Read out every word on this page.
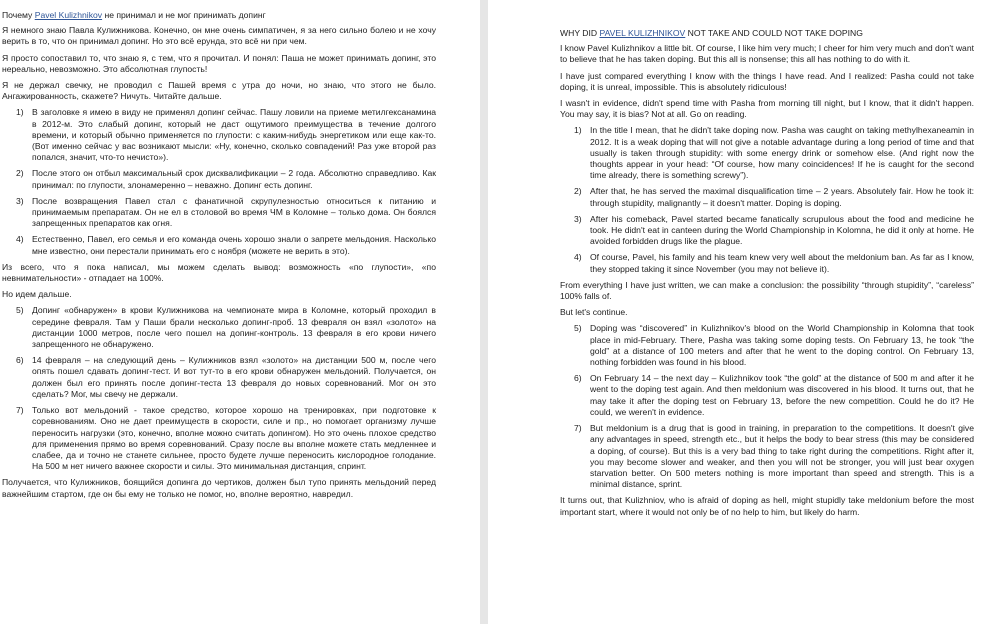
Почему Pavel Kulizhnikov не принимал и не мог принимать допинг

Я немного знаю Павла Кулижникова. Конечно, он мне очень симпатичен, я за него сильно болею и не хочу верить в то, что он принимал допинг. Но это всё ерунда, это всё ни при чем.

Я просто сопоставил то, что знаю я, с тем, что я прочитал. И понял: Паша не может принимать допинг, это нереально, невозможно. Это абсолютная глупость!

Я не держал свечку, не проводил с Пашей время с утра до ночи, но знаю, что этого не было. Ангажированность, скажете? Ничуть. Читайте дальше.

1) В заголовке я имею в виду не применял допинг сейчас. Пашу ловили на приеме метилгексанамина в 2012-м. Это слабый допинг, который не даст ощутимого преимущества в течение долгого времени, и который обычно применяется по глупости: с каким-нибудь энергетиком или еще как-то. (Вот именно сейчас у вас возникают мысли: «Ну, конечно, сколько совпадений! Раз уже второй раз попался, значит, что-то нечисто»).
2) После этого он отбыл максимальный срок дисквалификации – 2 года. Абсолютно справедливо. Как принимал: по глупости, злонамеренно – неважно. Допинг есть допинг.
3) После возвращения Павел стал с фанатичной скрупулезностью относиться к питанию и принимаемым препаратам. Он не ел в столовой во время ЧМ в Коломне – только дома. Он боялся запрещенных препаратов как огня.
4) Естественно, Павел, его семья и его команда очень хорошо знали о запрете мельдония. Насколько мне известно, они перестали принимать его с ноября (можете не верить в это).

Из всего, что я пока написал, мы можем сделать вывод: возможность «по глупости», «по невнимательности» - отпадает на 100%.

Но идем дальше.

5) Допинг «обнаружен» в крови Кулижникова на чемпионате мира в Коломне, который проходил в середине февраля. Там у Паши брали несколько допинг-проб. 13 февраля он взял «золото» на дистанции 1000 метров, после чего пошел на допинг-контроль. 13 февраля в его крови ничего запрещенного не обнаружено.
6) 14 февраля – на следующий день – Кулижников взял «золото» на дистанции 500 м, после чего опять пошел сдавать допинг-тест. И вот тут-то в его крови обнаружен мельдоний. Получается, он должен был его принять после допинг-теста 13 февраля до новых соревнований. Мог он это сделать? Мог, мы свечу не держали.
7) Только вот мельдоний - такое средство, которое хорошо на тренировках, при подготовке к соревнованиям. Оно не дает преимуществ в скорости, силе и пр., но помогает организму лучше переносить нагрузки (это, конечно, вполне можно считать допингом). Но это очень плохое средство для применения прямо во время соревнований. Сразу после вы вполне можете стать медленнее и слабее, да и точно не станете сильнее, просто будете лучше переносить кислородное голодание. На 500 м нет ничего важнее скорости и силы. Это минимальная дистанция, спринт.

Получается, что Кулижников, боящийся допинга до чертиков, должен был тупо принять мельдоний перед важнейшим стартом, где он бы ему не только не помог, но, вполне вероятно, навредил.

WHY DID PAVEL KULIZHNIKOV NOT TAKE AND COULD NOT TAKE DOPING

I know Pavel Kulizhnikov a little bit. Of course, I like him very much; I cheer for him very much and don't want to believe that he has taken doping. But this all is nonsense; this all has nothing to do with it.

I have just compared everything I know with the things I have read. And I realized: Pasha could not take doping, it is unreal, impossible. This is absolutely ridiculous!

I wasn't in evidence, didn't spend time with Pasha from morning till night, but I know, that it didn't happen. You may say, it is bias? Not at all. Go on reading.

1) In the title I mean, that he didn't take doping now. Pasha was caught on taking methylhexaneamin in 2012. It is a weak doping that will not give a notable advantage during a long period of time and that usually is taken through stupidity: with some energy drink or somehow else. (And right now the thoughts appear in your head: “Of course, how many coincidences! If he is caught for the second time already, there is something screwy”).
2) After that, he has served the maximal disqualification time – 2 years. Absolutely fair. How he took it: through stupidity, malignantly – it doesn't matter. Doping is doping.
3) After his comeback, Pavel started became fanatically scrupulous about the food and medicine he took. He didn't eat in canteen during the World Championship in Kolomna, he did it only at home. He avoided forbidden drugs like the plague.
4) Of course, Pavel, his family and his team knew very well about the meldonium ban. As far as I know, they stopped taking it since November (you may not believe it).

From everything I have just written, we can make a conclusion: the possibility “through stupidity”, “careless” 100% falls of.

But let's continue.

5) Doping was “discovered” in Kulizhnikov's blood on the World Championship in Kolomna that took place in mid-February. There, Pasha was taking some doping tests. On February 13, he took “the gold” at a distance of 100 meters and after that he went to the doping control. On February 13, nothing forbidden was found in his blood.
6) On February 14 – the next day – Kulizhnikov took “the gold” at the distance of 500 m and after it he went to the doping test again. And then meldonium was discovered in his blood. It turns out, that he may take it after the doping test on February 13, before the new competition. Could he do it? He could, we weren't in evidence.
7) But meldonium is a drug that is good in training, in preparation to the competitions. It doesn't give any advantages in speed, strength etc., but it helps the body to bear stress (this may be considered a doping, of course). But this is a very bad thing to take right during the competitions. Right after it, you may become slower and weaker, and then you will not be stronger, you will just bear oxygen starvation better. On 500 meters nothing is more important than speed and strength. This is a minimal distance, sprint.

It turns out, that Kulizhniov, who is afraid of doping as hell, might stupidly take meldonium before the most important start, where it would not only be of no help to him, but likely do harm.
